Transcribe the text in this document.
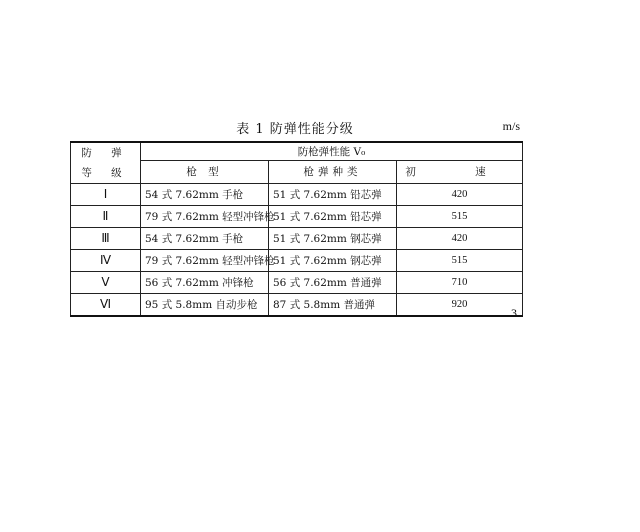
表 1 防弹性能分级	m/s
防 弹
等 级	防枪弹性能 V₀		
	枪 型	枪弹种类	初 速
Ⅰ	54 式 7.62mm 手枪	51 式 7.62mm 铅芯弹	420
Ⅱ	79 式 7.62mm 轻型冲锋枪	51 式 7.62mm 铅芯弹	515
Ⅲ	54 式 7.62mm 手枪	51 式 7.62mm 钢芯弹	420
Ⅳ	79 式 7.62mm 轻型冲锋枪	51 式 7.62mm 钢芯弹	515
Ⅴ	56 式 7.62mm 冲锋枪	56 式 7.62mm 普通弹	710
Ⅵ	95 式 5.8mm 自动步枪	87 式 5.8mm 普通弹	920
3
